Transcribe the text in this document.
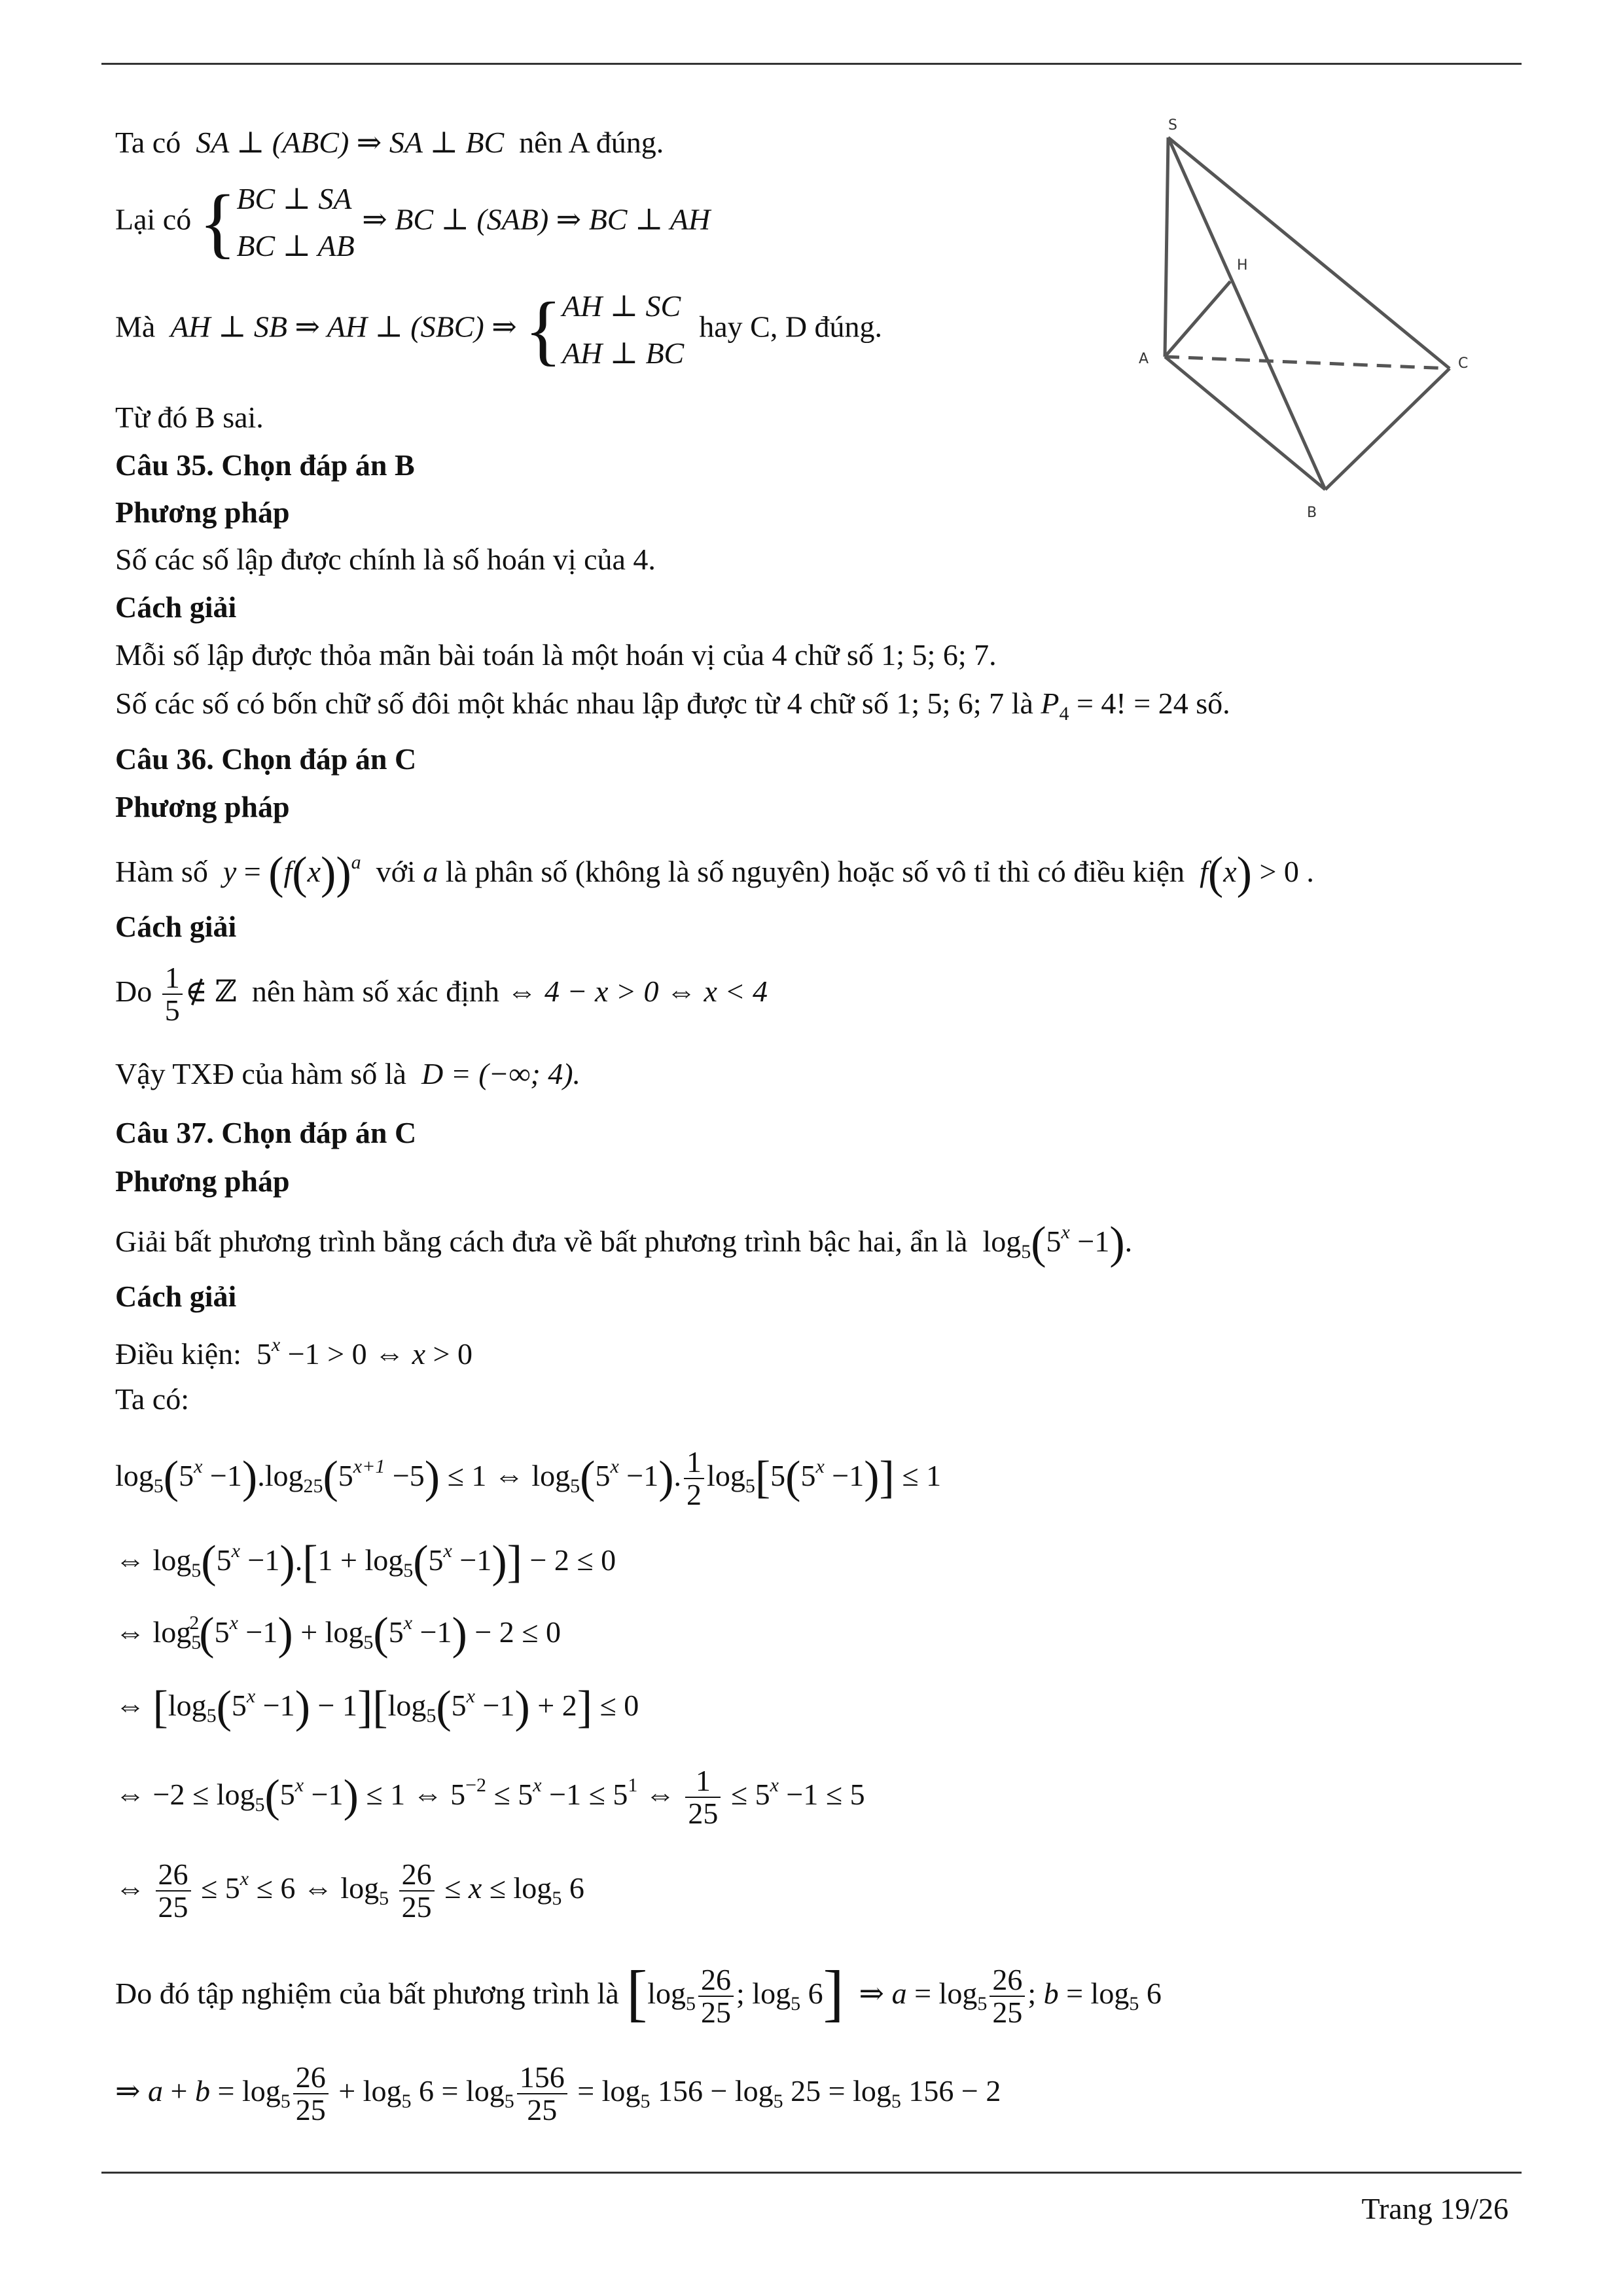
S
H
A
B
C
Ta có SA ⊥ (ABC) ⇒ SA ⊥ BC nên A đúng.
Lại có {BC ⊥ SA
BC ⊥ AB ⇒ BC ⊥ (SAB) ⇒ BC ⊥ AH
Mà AH ⊥ SB ⇒ AH ⊥ (SBC) ⇒ {AH ⊥ SC
AH ⊥ BC  hay C, D đúng.
Từ đó B sai.
Câu 35. Chọn đáp án B
Phương pháp
Số các số lập được chính là số hoán vị của 4.
Cách giải
Mỗi số lập được thỏa mãn bài toán là một hoán vị của 4 chữ số 1; 5; 6; 7.
Số các số có bốn chữ số đôi một khác nhau lập được từ 4 chữ số 1; 5; 6; 7 là $P_4 = 4$! = 24 số.
Câu 36. Chọn đáp án C
Phương pháp
Hàm số $y = (f(x))^a$ với a là phân số (không là số nguyên) hoặc số vô tỉ thì có điều kiện f(x) > 0 .
Cách giải
Do $\frac{1}{5}$ ∉ ℤ  nên hàm số xác định ⇔ 4 − x > 0 ⇔ x < 4
Vậy TXĐ của hàm số là D = (−∞; 4).
Câu 37. Chọn đáp án C
Phương pháp
Giải bất phương trình bằng cách đưa về bất phương trình bậc hai, ẩn là  $\log_5(5^x -1)$.
Cách giải
Điều kiện:  $5^x -1 > 0$ ⇔ x > 0
Ta có:
$\log_5(5^x -1).\log_{25}(5^{x+1} -5) \le 1$ ⇔ $\log_5(5^x -1)$. $\frac{1}{2} \log_5[5(5^x -1)] \le 1$
⇔ $\log_5(5^x -1).[1 + \log_5(5^x -1)] - 2 \le 0$
⇔ $\log_5^2(5^x -1) + \log_5(5^x -1) - 2 \le 0$
⇔ $[\log_5(5^x -1) - 1][\log_5(5^x -1) + 2] \le 0$
⇔ $-2 \le \log_5(5^x -1) \le 1$ ⇔ $5^{-2} \le 5^x -1 \le 5^1$ ⇔ $\frac{1}{25} \le 5^x -1 \le 5$
⇔ $\frac{26}{25} \le 5^x \le 6$ ⇔ $\log_5 \frac{26}{25} \le x \le \log_5 6$
Do đó tập nghiệm của bất phương trình là [$\log_5 \frac{26}{25}$ ; $\log_5 6$]  ⇒ $a = \log_5 \frac{26}{25}$ ; $b = \log_5 6$
⇒ $a + b = \log_5 \frac{26}{25} + \log_5 6 = \log_5 \frac{156}{25} = \log_5 156 - \log_5 25 = \log_5 156 - 2$
Trang 19/26
